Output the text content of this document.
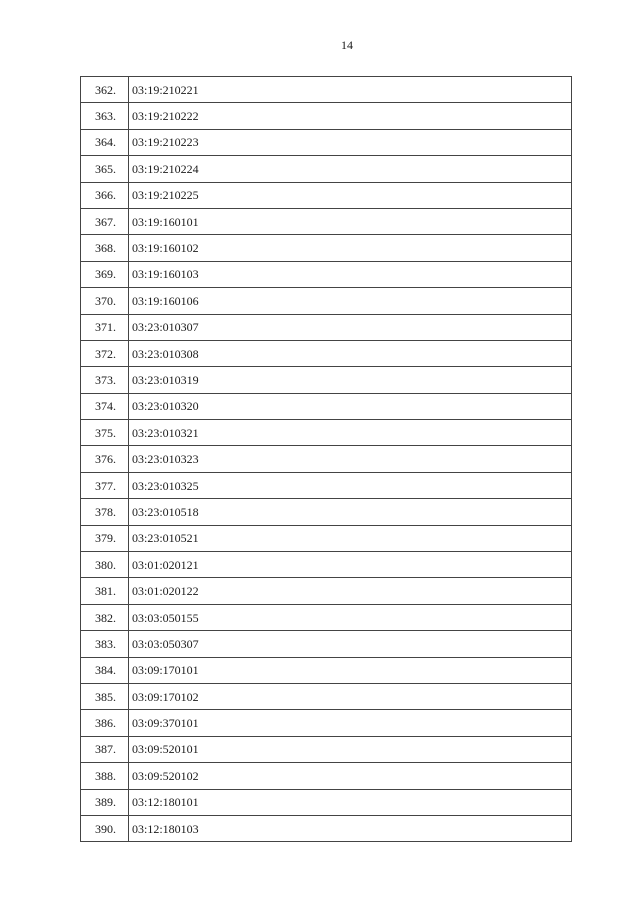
14
362.	03:19:210221
363.	03:19:210222
364.	03:19:210223
365.	03:19:210224
366.	03:19:210225
367.	03:19:160101
368.	03:19:160102
369.	03:19:160103
370.	03:19:160106
371.	03:23:010307
372.	03:23:010308
373.	03:23:010319
374.	03:23:010320
375.	03:23:010321
376.	03:23:010323
377.	03:23:010325
378.	03:23:010518
379.	03:23:010521
380.	03:01:020121
381.	03:01:020122
382.	03:03:050155
383.	03:03:050307
384.	03:09:170101
385.	03:09:170102
386.	03:09:370101
387.	03:09:520101
388.	03:09:520102
389.	03:12:180101
390.	03:12:180103
